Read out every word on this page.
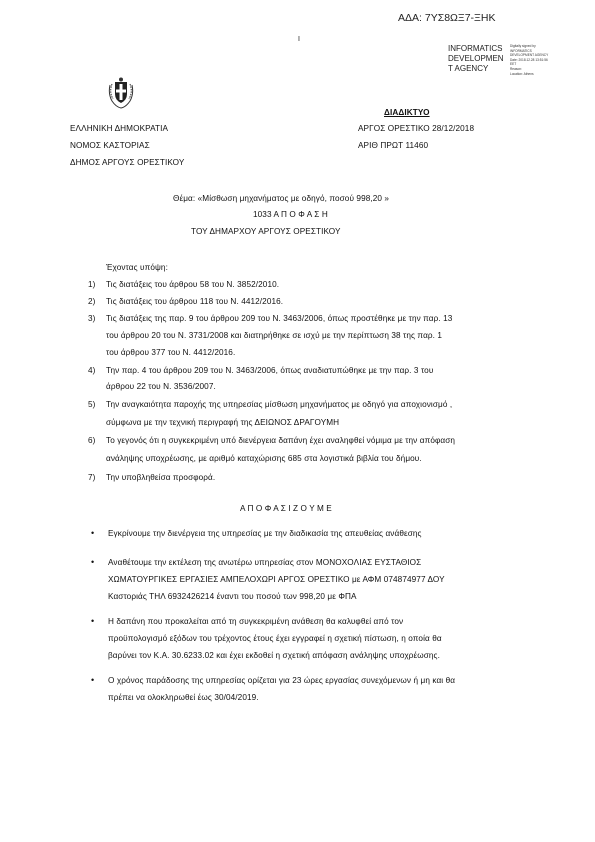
ΑΔΑ: 7ΥΣ8ΩΞ7-ΞΗΚ
Ι
INFORMATICS
DEVELOPMEN
T AGENCY
Digitally signed by
INFORMATICS
DEVELOPMENT AGENCY
Date: 2018.12.28 13:51:56
EET
Reason:
Location: Athens
ΕΛΛΗΝΙΚΗ ΔΗΜΟΚΡΑΤΙΑ
ΝΟΜΟΣ ΚΑΣΤΟΡΙΑΣ
ΔΗΜΟΣ ΑΡΓΟΥΣ ΟΡΕΣΤΙΚΟΥ
ΔΙΑΔΙΚΤΥΟ
ΑΡΓΟΣ ΟΡΕΣΤΙΚΟ 28/12/2018
ΑΡΙΘ ΠΡΩΤ 11460
Θέμα: «Μίσθωση μηχανήματος με οδηγό, ποσού 998,20 »
1033 Α Π Ο Φ Α Σ Η
ΤΟΥ ΔΗΜΑΡΧΟΥ ΑΡΓΟΥΣ ΟΡΕΣΤΙΚΟΥ
Έχοντας υπόψη:
1)	Τις διατάξεις του άρθρου 58 του Ν. 3852/2010.
2)	Τις διατάξεις του άρθρου 118 του Ν. 4412/2016.
3)	Τις διατάξεις της παρ. 9 του άρθρου 209 του Ν. 3463/2006, όπως προστέθηκε με την παρ. 13
του άρθρου 20 του Ν. 3731/2008 και διατηρήθηκε σε ισχύ με την περίπτωση 38 της παρ. 1
του άρθρου 377 του Ν. 4412/2016.
4)	Την παρ. 4 του άρθρου 209 του Ν. 3463/2006, όπως αναδιατυπώθηκε με την παρ. 3 του
άρθρου 22 του Ν. 3536/2007.
5)	Την αναγκαιότητα παροχής της υπηρεσίας μίσθωση μηχανήματος με οδηγό για αποχιονισμό ,
σύμφωνα με την τεχνική περιγραφή της ΔΕΙΩΝΟΣ ΔΡΑΓΟΥΜΗ
6)	Το γεγονός ότι η συγκεκριμένη υπό διενέργεια δαπάνη έχει αναληφθεί νόμιμα με την απόφαση
ανάληψης υποχρέωσης, με αριθμό καταχώρισης 685 στα λογιστικά βιβλία του δήμου.
7)	Την υποβληθείσα προσφορά.
Α Π Ο Φ Α Σ Ι Ζ Ο Υ Μ Ε
• Εγκρίνουμε την διενέργεια της υπηρεσίας με την διαδικασία της απευθείας ανάθεσης
• Αναθέτουμε την εκτέλεση της ανωτέρω υπηρεσίας στον ΜΟΝΟΧΟΛΙΑΣ ΕΥΣΤΑΘΙΟΣ
ΧΩΜΑΤΟΥΡΓΙΚΕΣ ΕΡΓΑΣΙΕΣ ΑΜΠΕΛΟΧΩΡΙ ΑΡΓΟΣ ΟΡΕΣΤΙΚΟ με ΑΦΜ 074874977 ΔΟΥ
Καστοριάς ΤΗΛ 6932426214 έναντι του ποσού των 998,20 με ΦΠΑ
• Η δαπάνη που προκαλείται από τη συγκεκριμένη ανάθεση θα καλυφθεί από τον
προϋπολογισμό εξόδων του τρέχοντος έτους έχει εγγραφεί η σχετική πίστωση, η οποία θα
βαρύνει τον Κ.Α. 30.6233.02 και έχει εκδοθεί η σχετική απόφαση ανάληψης υποχρέωσης.
• Ο χρόνος παράδοσης της υπηρεσίας ορίζεται για 23 ώρες εργασίας συνεχόμενων ή μη και θα
πρέπει να ολοκληρωθεί έως 30/04/2019.
